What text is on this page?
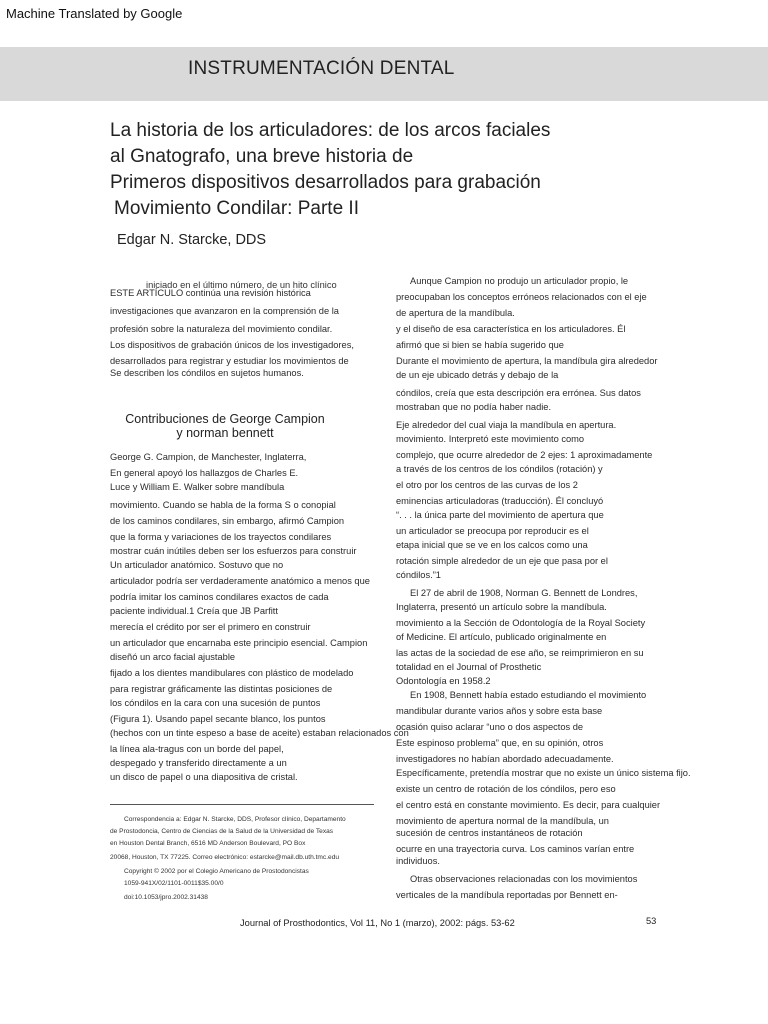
Machine Translated by Google
INSTRUMENTACIÓN DENTAL
La historia de los articuladores: de los arcos faciales
al Gnatografo, una breve historia de
Primeros dispositivos desarrollados para grabación
Movimiento Condilar: Parte II
Edgar N. Starcke, DDS
iniciado en el último número, de un hito clínico
ESTE ARTÍCULO continúa una revisión histórica
investigaciones que avanzaron en la comprensión de la
profesión sobre la naturaleza del movimiento condilar.
Los dispositivos de grabación únicos de los investigadores,
desarrollados para registrar y estudiar los movimientos de
Se describen los cóndilos en sujetos humanos.
Contribuciones de George Campion
y norman bennett
George G. Campion, de Manchester, Inglaterra,
En general apoyó los hallazgos de Charles E.
Luce y William E. Walker sobre mandíbula
movimiento. Cuando se habla de la forma S o conopial
de los caminos condilares, sin embargo, afirmó Campion
que la forma y variaciones de los trayectos condilares
mostrar cuán inútiles deben ser los esfuerzos para construir
Un articulador anatómico. Sostuvo que no
articulador podría ser verdaderamente anatómico a menos que
podría imitar los caminos condilares exactos de cada
paciente individual.1 Creía que JB Parfitt
merecía el crédito por ser el primero en construir
un articulador que encarnaba este principio esencial. Campion
diseñó un arco facial ajustable
fijado a los dientes mandibulares con plástico de modelado
para registrar gráficamente las distintas posiciones de
los cóndilos en la cara con una sucesión de puntos
(Figura 1). Usando papel secante blanco, los puntos
(hechos con un tinte espeso a base de aceite) estaban relacionados con
la línea ala-tragus con un borde del papel,
despegado y transferido directamente a un
un disco de papel o una diapositiva de cristal.
Correspondencia a: Edgar N. Starcke, DDS, Profesor clínico, Departamento
de Prostodoncia, Centro de Ciencias de la Salud de la Universidad de Texas
en Houston Dental Branch, 6516 MD Anderson Boulevard, PO Box
20068, Houston, TX 77225. Correo electrónico: estarcke@mail.db.uth.tmc.edu
Copyright © 2002 por el Colegio Americano de Prostodoncistas
1059-941X/02/1101-0011$35.00/0
doi:10.1053/jpro.2002.31438
Aunque Campion no produjo un articulador propio, le
preocupaban los conceptos erróneos relacionados con el eje
de apertura de la mandíbula.
y el diseño de esa característica en los articuladores. Él
afirmó que si bien se había sugerido que
Durante el movimiento de apertura, la mandíbula gira alrededor
de un eje ubicado detrás y debajo de la
cóndilos, creía que esta descripción era errónea. Sus datos
mostraban que no podía haber nadie.
Eje alrededor del cual viaja la mandíbula en apertura.
movimiento. Interpretó este movimiento como
complejo, que ocurre alrededor de 2 ejes: 1 aproximadamente
a través de los centros de los cóndilos (rotación) y
el otro por los centros de las curvas de los 2
eminencias articuladoras (traducción). Él concluyó
“. . . la única parte del movimiento de apertura que
un articulador se preocupa por reproducir es el
etapa inicial que se ve en los calcos como una
rotación simple alrededor de un eje que pasa por el
cóndilos.”1
El 27 de abril de 1908, Norman G. Bennett de Londres,
Inglaterra, presentó un artículo sobre la mandíbula.
movimiento a la Sección de Odontología de la Royal Society
of Medicine. El artículo, publicado originalmente en
las actas de la sociedad de ese año, se reimprimieron en su
totalidad en el Journal of Prosthetic
Odontología en 1958.2
En 1908, Bennett había estado estudiando el movimiento
mandibular durante varios años y sobre esta base
ocasión quiso aclarar “uno o dos aspectos de
Este espinoso problema” que, en su opinión, otros
investigadores no habían abordado adecuadamente.
Específicamente, pretendía mostrar que no existe un único sistema fijo.
existe un centro de rotación de los cóndilos, pero eso
el centro está en constante movimiento. Es decir, para cualquier
movimiento de apertura normal de la mandíbula, un
sucesión de centros instantáneos de rotación
ocurre en una trayectoria curva. Los caminos varían entre
individuos.
Otras observaciones relacionadas con los movimientos
verticales de la mandíbula reportadas por Bennett en-
Journal of Prosthodontics, Vol 11, No 1 (marzo), 2002: págs. 53-62	53
